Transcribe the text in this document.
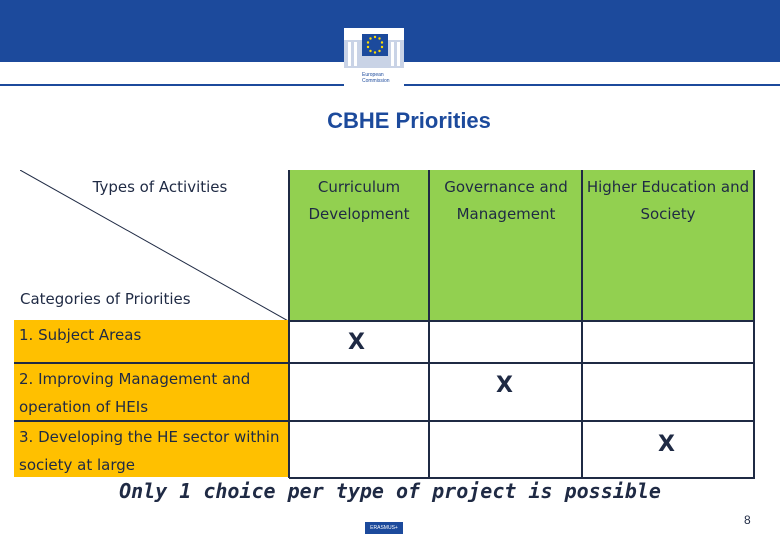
European Commission
CBHE Priorities
Curriculum Development
Governance and Management
Higher Education and Society
Types of Activities
Categories of Priorities
1. Subject Areas
2. Improving Management and operation of HEIs
3. Developing the HE sector within society at large
X
X
X
Only 1 choice per type of project is possible
ERASMUS+
8
